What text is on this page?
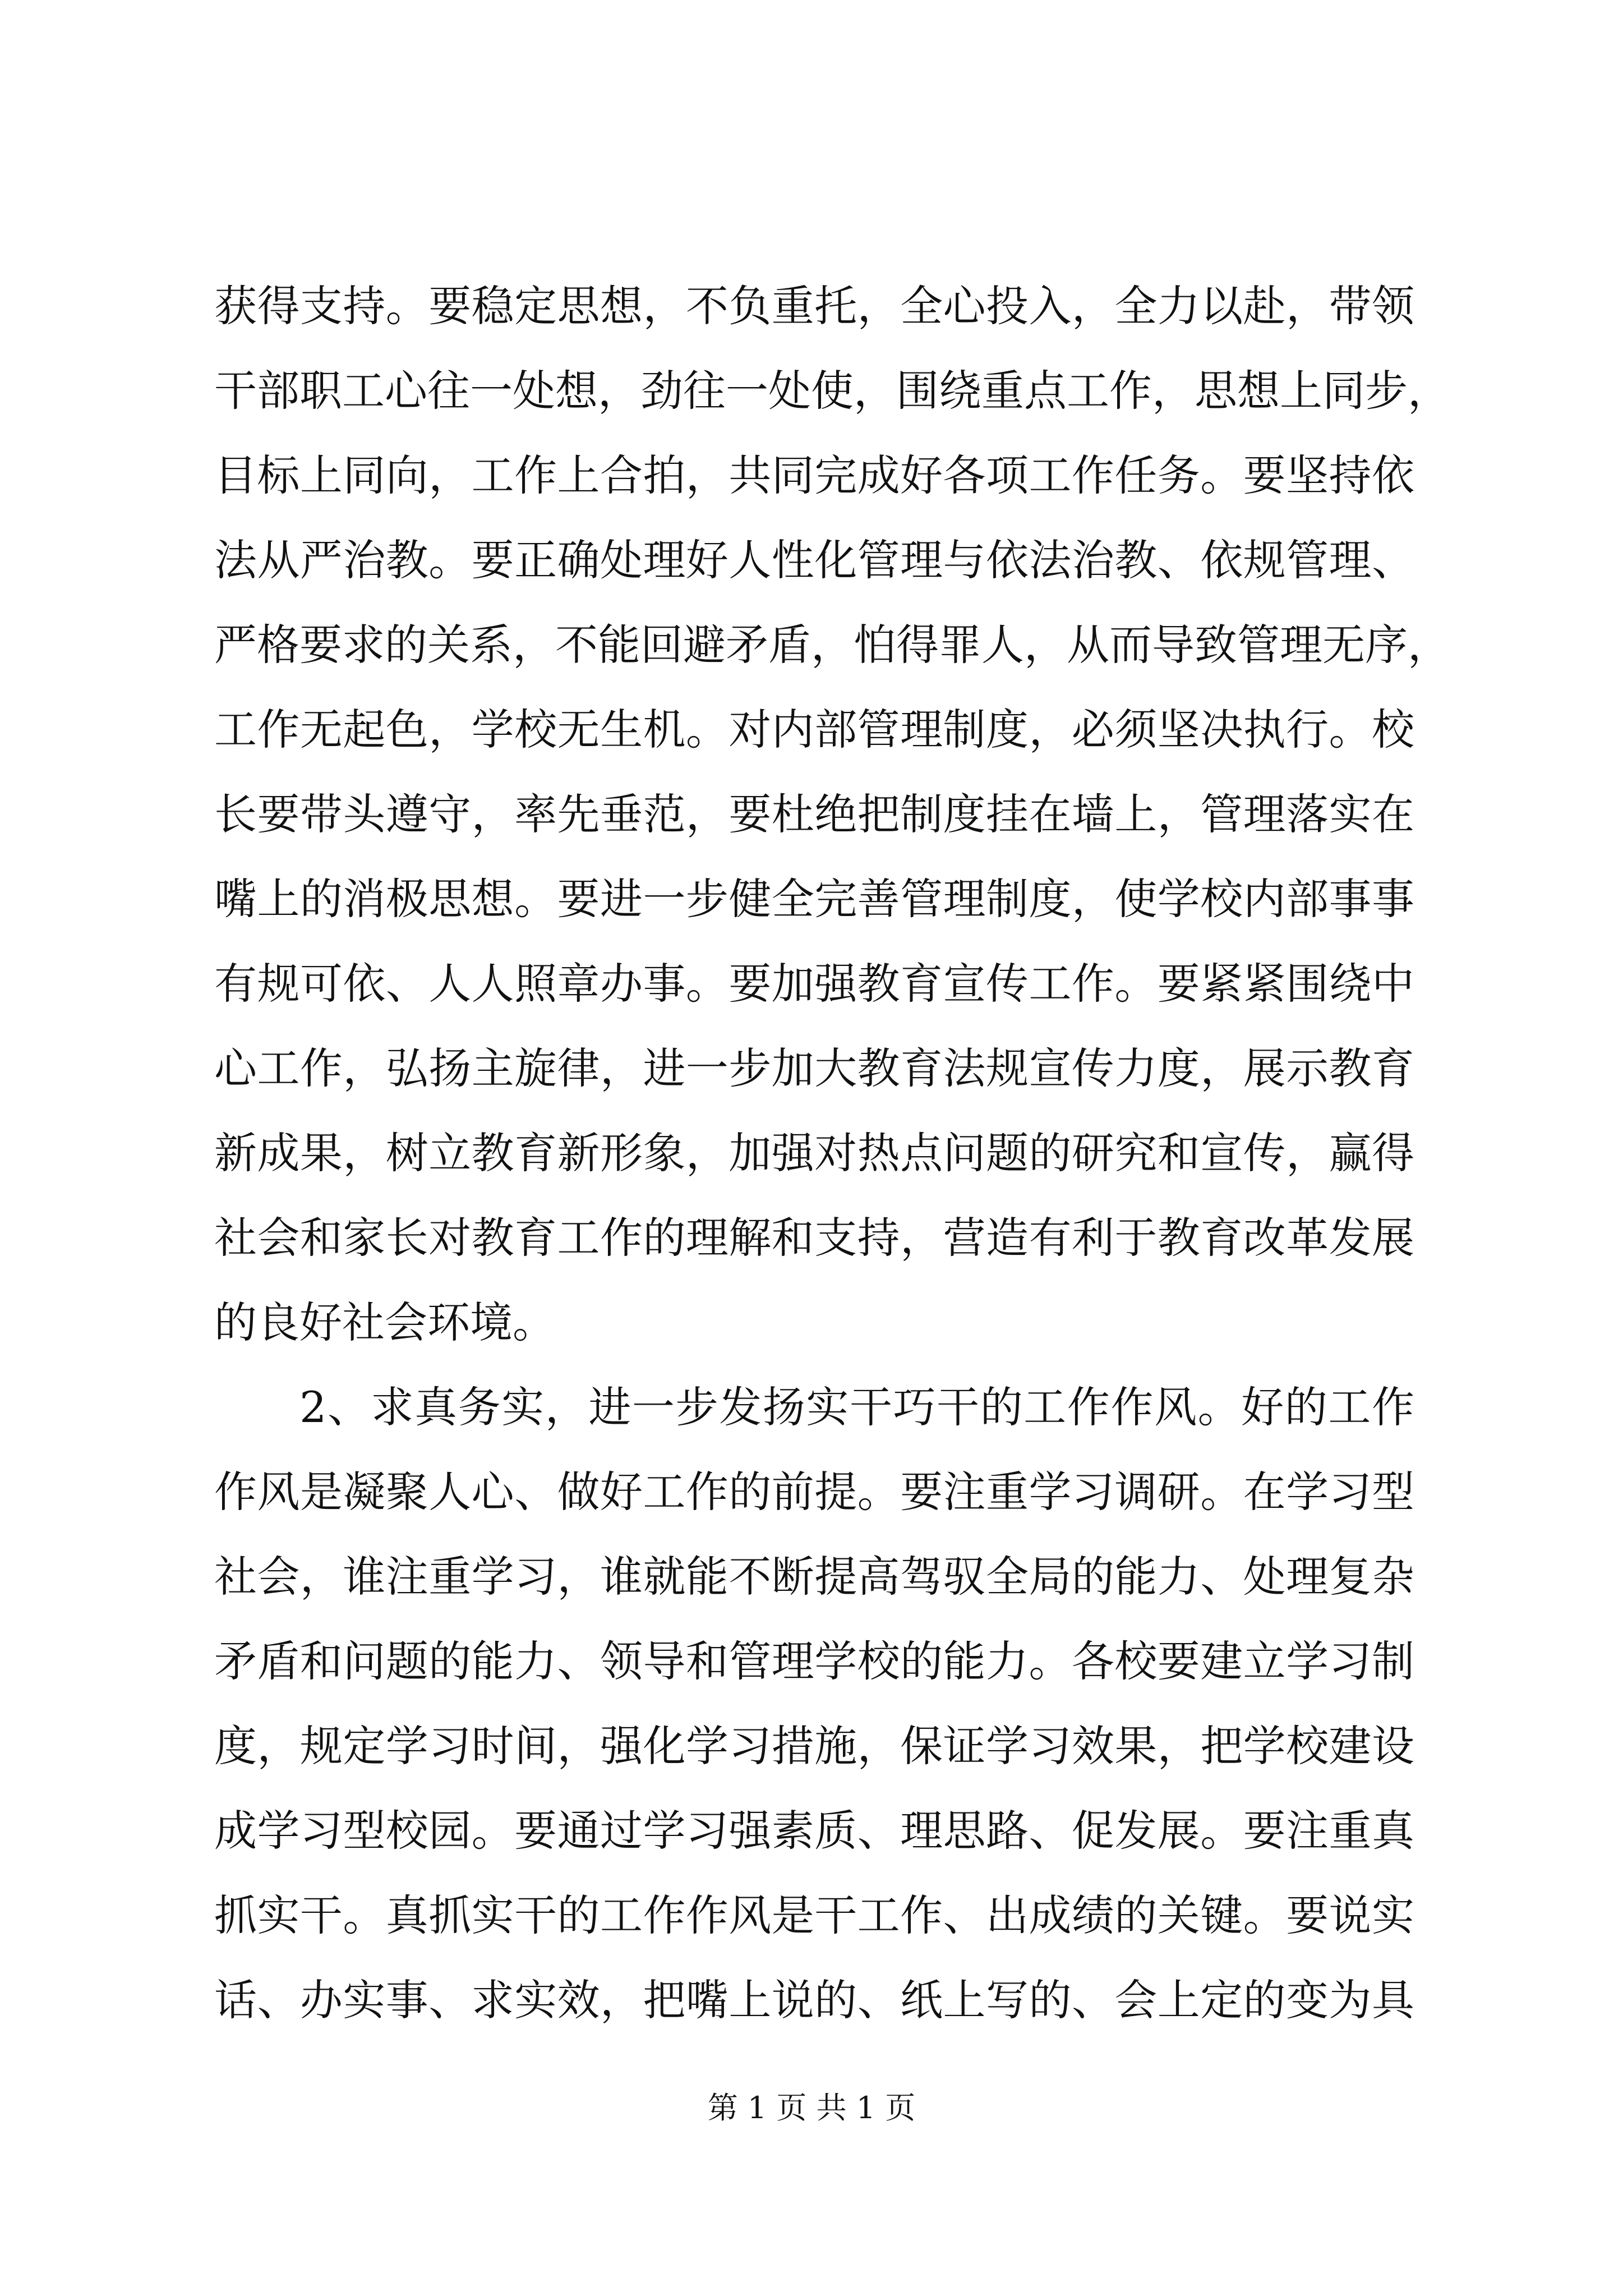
获得支持。要稳定思想，不负重托，全心投入，全力以赴，带领
干部职工心往一处想，劲往一处使，围绕重点工作，思想上同步，
目标上同向，工作上合拍，共同完成好各项工作任务。要坚持依
法从严治教。要正确处理好人性化管理与依法治教、依规管理、
严格要求的关系，不能回避矛盾，怕得罪人，从而导致管理无序，
工作无起色，学校无生机。对内部管理制度，必须坚决执行。校
长要带头遵守，率先垂范，要杜绝把制度挂在墙上，管理落实在
嘴上的消极思想。要进一步健全完善管理制度，使学校内部事事
有规可依、人人照章办事。要加强教育宣传工作。要紧紧围绕中
心工作，弘扬主旋律，进一步加大教育法规宣传力度，展示教育
新成果，树立教育新形象，加强对热点问题的研究和宣传，赢得
社会和家长对教育工作的理解和支持，营造有利于教育改革发展
的良好社会环境。
2、求真务实，进一步发扬实干巧干的工作作风。好的工作
作风是凝聚人心、做好工作的前提。要注重学习调研。在学习型
社会，谁注重学习，谁就能不断提高驾驭全局的能力、处理复杂
矛盾和问题的能力、领导和管理学校的能力。各校要建立学习制
度，规定学习时间，强化学习措施，保证学习效果，把学校建设
成学习型校园。要通过学习强素质、理思路、促发展。要注重真
抓实干。真抓实干的工作作风是干工作、出成绩的关键。要说实
话、办实事、求实效，把嘴上说的、纸上写的、会上定的变为具
第 1 页 共 1 页
